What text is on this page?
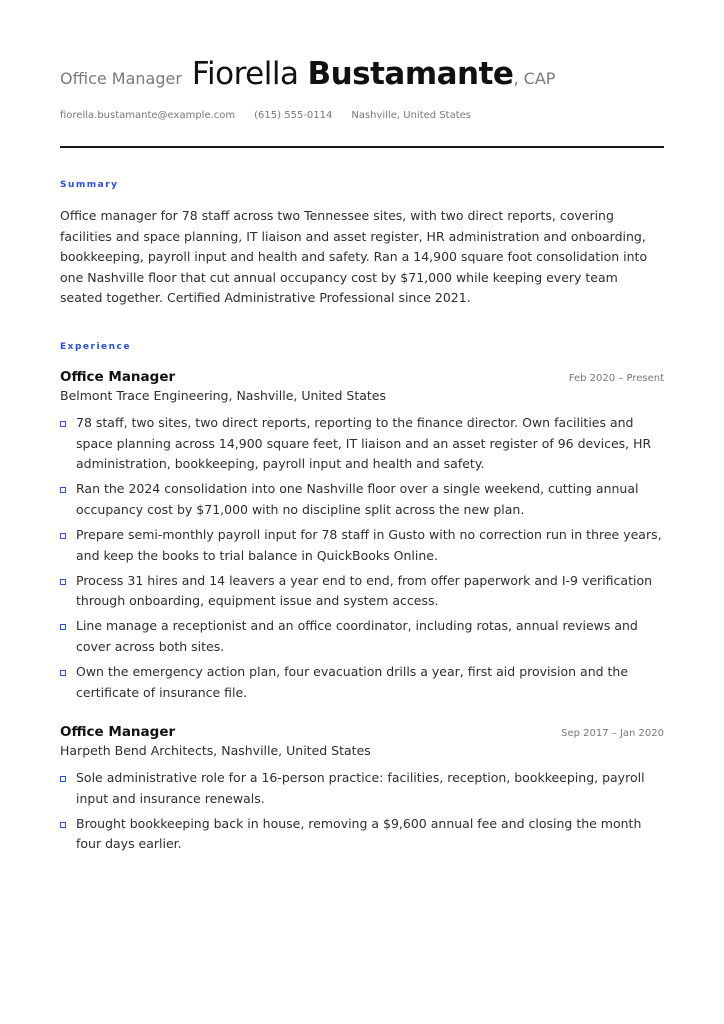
Office Manager Fiorella Bustamante , CAP
fiorella.bustamante@example.com (615) 555-0114 Nashville, United States
Summary
Office manager for 78 staff across two Tennessee sites, with two direct reports, covering facilities and space planning, IT liaison and asset register, HR administration and onboarding, bookkeeping, payroll input and health and safety. Ran a 14,900 square foot consolidation into one Nashville floor that cut annual occupancy cost by $71,000 while keeping every team seated together. Certified Administrative Professional since 2021.
Experience
Office Manager	Feb 2020 – Present
Belmont Trace Engineering, Nashville, United States
78 staff, two sites, two direct reports, reporting to the finance director. Own facilities and space planning across 14,900 square feet, IT liaison and an asset register of 96 devices, HR administration, bookkeeping, payroll input and health and safety.
Ran the 2024 consolidation into one Nashville floor over a single weekend, cutting annual occupancy cost by $71,000 with no discipline split across the new plan.
Prepare semi-monthly payroll input for 78 staff in Gusto with no correction run in three years, and keep the books to trial balance in QuickBooks Online.
Process 31 hires and 14 leavers a year end to end, from offer paperwork and I-9 verification through onboarding, equipment issue and system access.
Line manage a receptionist and an office coordinator, including rotas, annual reviews and cover across both sites.
Own the emergency action plan, four evacuation drills a year, first aid provision and the certificate of insurance file.
Office Manager	Sep 2017 – Jan 2020
Harpeth Bend Architects, Nashville, United States
Sole administrative role for a 16-person practice: facilities, reception, bookkeeping, payroll input and insurance renewals.
Brought bookkeeping back in house, removing a $9,600 annual fee and closing the month four days earlier.
